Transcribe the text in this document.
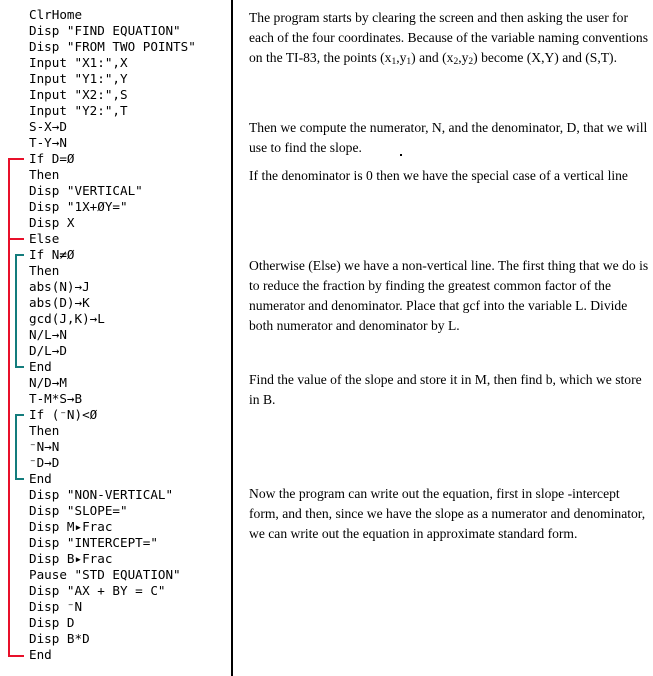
ClrHome
Disp "FIND EQUATION"
Disp "FROM TWO POINTS"
Input "X1:",X
Input "Y1:",Y
Input "X2:",S
Input "Y2:",T
S-X→D
T-Y→N
If D=Ø
Then
Disp "VERTICAL"
Disp "1X+ØY="
Disp X
Else
If N≠Ø
Then
abs(N)→J
abs(D)→K
gcd(J,K)→L
N/L→N
D/L→D
End
N/D→M
T-M*S→B
If (⁻N)<Ø
Then
⁻N→N
⁻D→D
End
Disp "NON-VERTICAL"
Disp "SLOPE="
Disp M▸Frac
Disp "INTERCEPT="
Disp B▸Frac
Pause "STD EQUATION"
Disp "AX + BY = C"
Disp ⁻N
Disp D
Disp B*D
End

The program starts by clearing the screen and then asking the user for each of the four coordinates. Because of the variable naming conventions on the TI-83, the points $(x_1,y_1)$ and $(x_2,y_2)$ become (X,Y) and (S,T).

Then we compute the numerator, N, and the denominator, D, that we will use to find the slope.

If the denominator is 0 then we have the special case of a vertical line

Otherwise (Else) we have a non-vertical line. The first thing that we do is to reduce the fraction by finding the greatest common factor of the numerator and denominator. Place that gcf into the variable L. Divide both numerator and denominator by L.

Find the value of the slope and store it in M, then find b, which we store in B.

Now the program can write out the equation, first in slope -intercept form, and then, since we have the slope as a numerator and denominator, we can write out the equation in approximate standard form.
